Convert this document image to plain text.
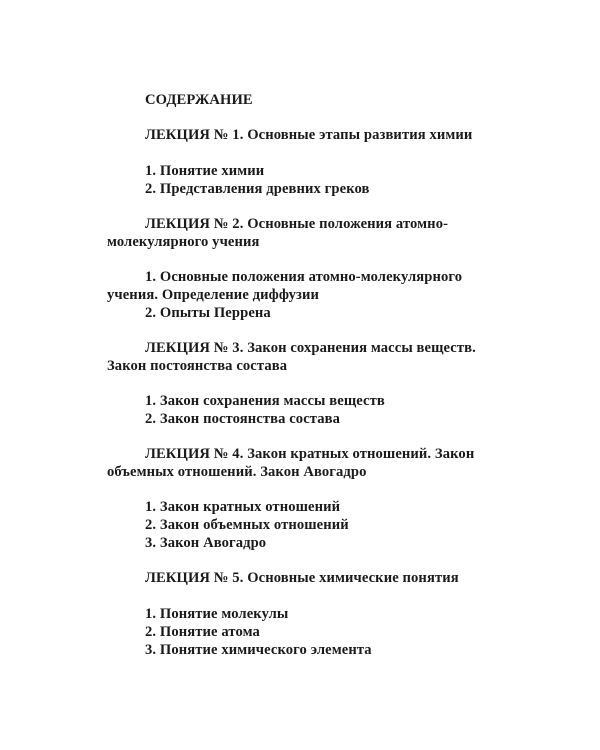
СОДЕРЖАНИЕ
ЛЕКЦИЯ № 1. Основные этапы развития химии
1. Понятие химии
2. Представления древних греков
ЛЕКЦИЯ № 2. Основные положения атомно-
молекулярного учения
1. Основные положения атомно-молекулярного
учения. Определение диффузии
2. Опыты Перрена
ЛЕКЦИЯ № 3. Закон сохранения массы веществ.
Закон постоянства состава
1. Закон сохранения массы веществ
2. Закон постоянства состава
ЛЕКЦИЯ № 4. Закон кратных отношений. Закон
объемных отношений. Закон Авогадро
1. Закон кратных отношений
2. Закон объемных отношений
3. Закон Авогадро
ЛЕКЦИЯ № 5. Основные химические понятия
1. Понятие молекулы
2. Понятие атома
3. Понятие химического элемента
